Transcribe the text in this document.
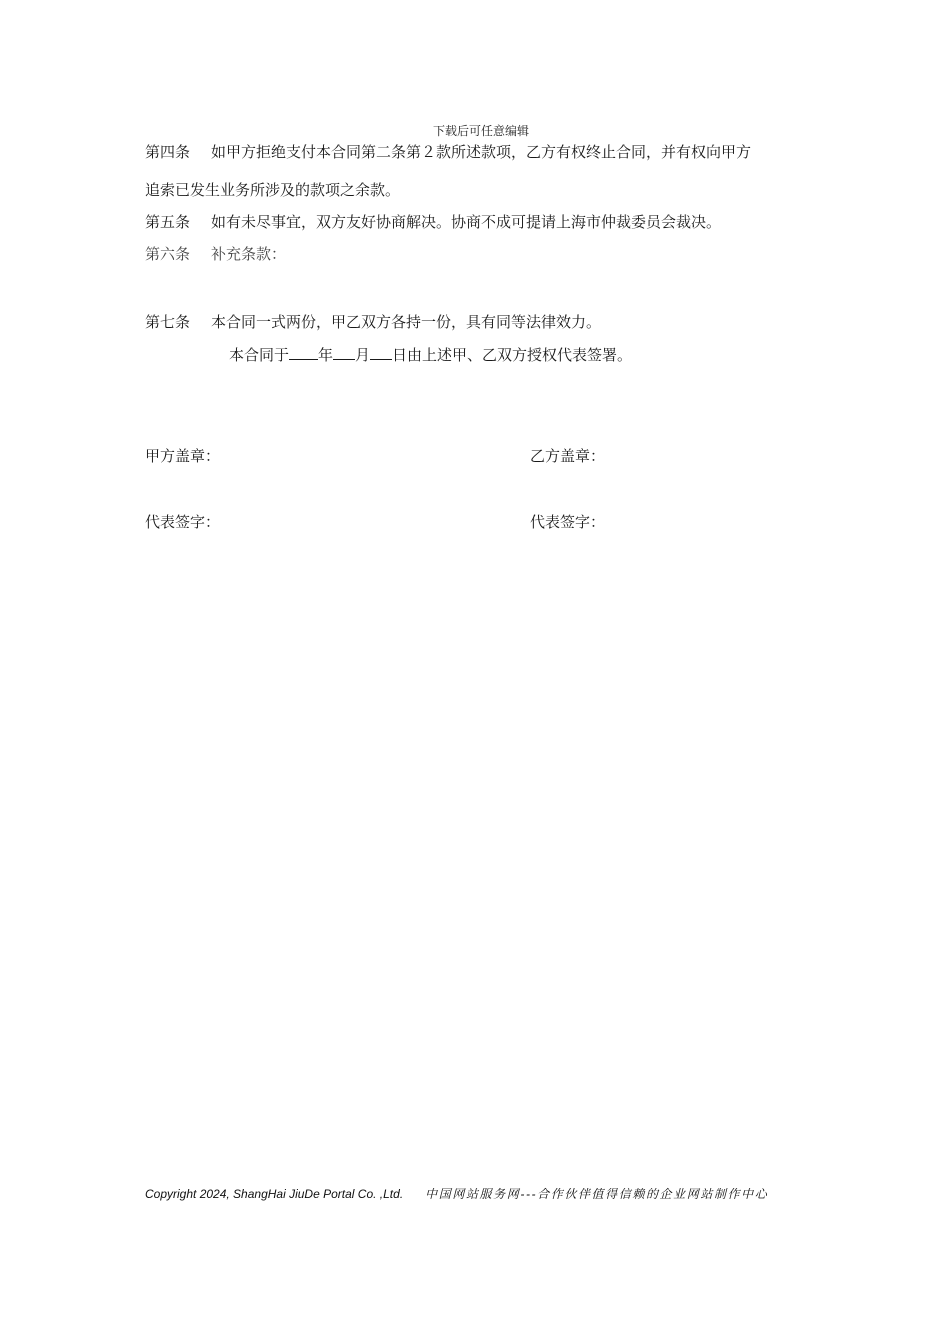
下载后可任意编辑
第四条 如甲方拒绝支付本合同第二条第２款所述款项，乙方有权终止合同，并有权向甲方
追索已发生业务所涉及的款项之余款。
第五条 如有未尽事宜，双方友好协商解决。协商不成可提请上海市仲裁委员会裁决。
第六条 补充条款：
第七条 本合同一式两份，甲乙双方各持一份，具有同等法律效力。
本合同于 年 月 日由上述甲、乙双方授权代表签署。
甲方盖章：	乙方盖章：
代表签字：	代表签字：
Copyright 2024, ShangHai JiuDe Portal Co. ,Ltd. 中国网站服务网---合作伙伴值得信赖的企业网站制作中心
